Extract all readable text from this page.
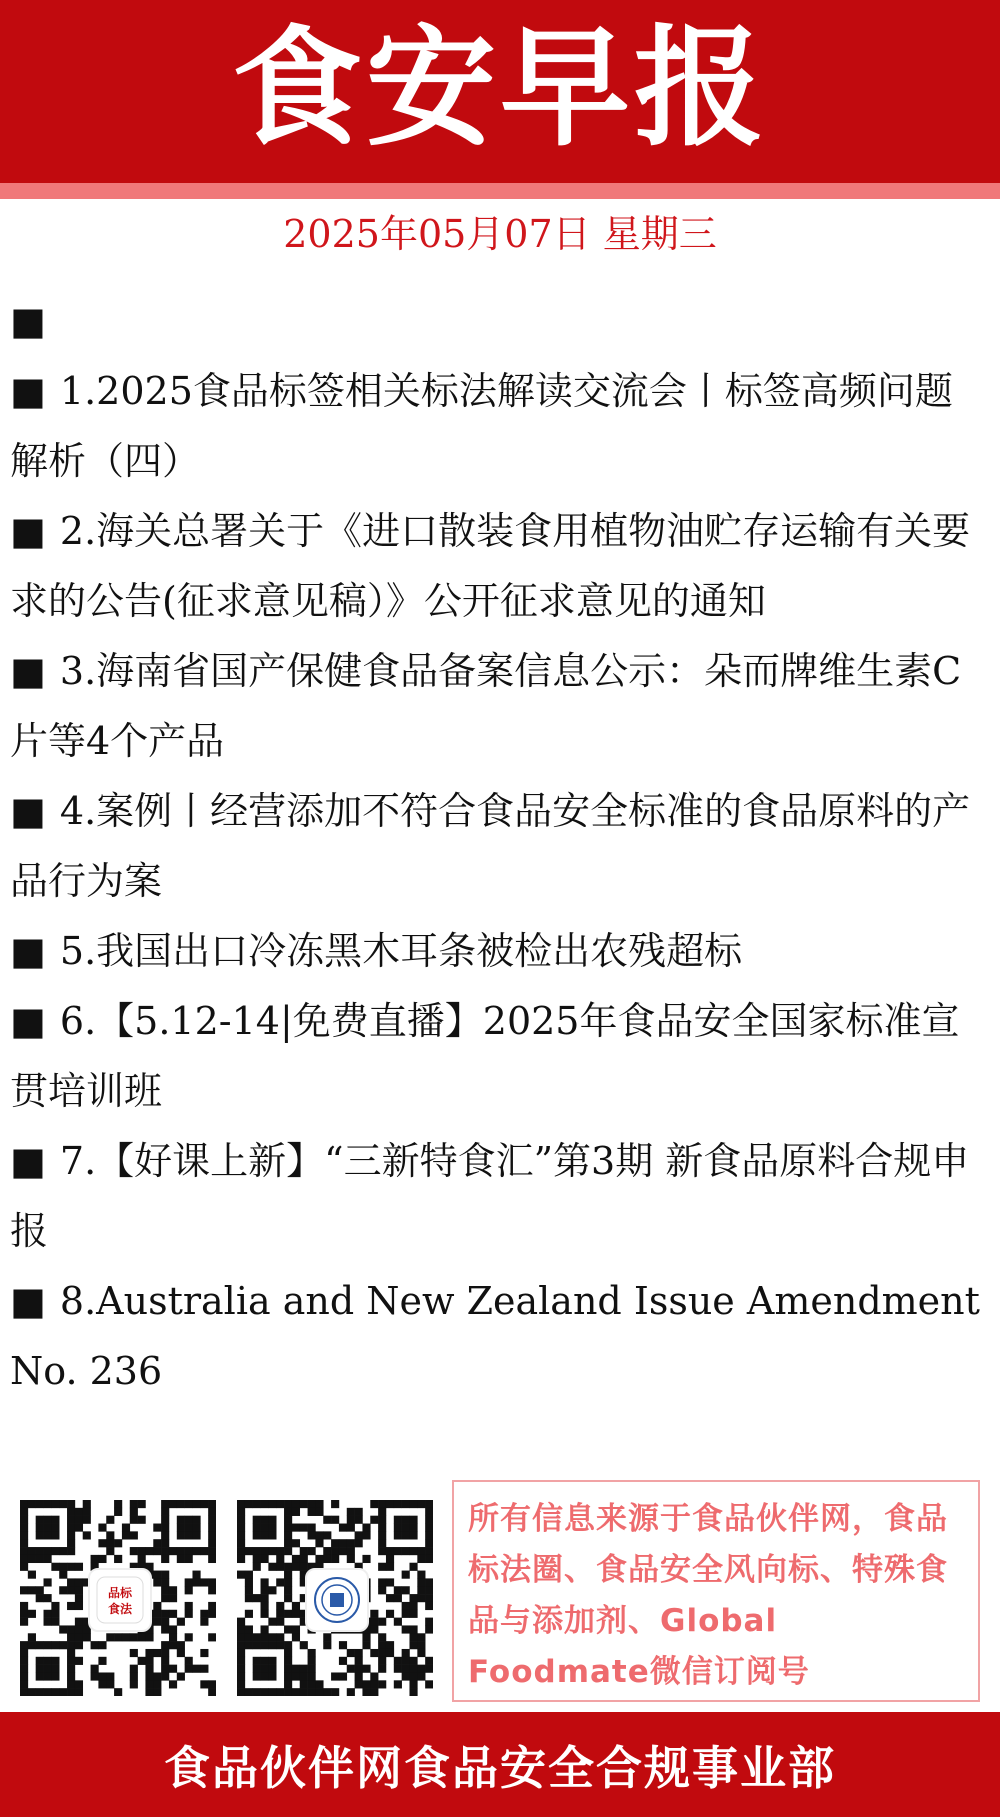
食安早报
2025年05月07日 星期三
■
■ 1.2025食品标签相关标法解读交流会丨标签高频问题解析（四）
■ 2.海关总署关于《进口散装食用植物油贮存运输有关要求的公告(征求意见稿）》公开征求意见的通知
■ 3.海南省国产保健食品备案信息公示：朵而牌维生素C片等4个产品
■ 4.案例丨经营添加不符合食品安全标准的食品原料的产品行为案
■ 5.我国出口冷冻黑木耳条被检出农残超标
■ 6.【5.12-14|免费直播】2025年食品安全国家标准宣贯培训班
■ 7.【好课上新】“三新特食汇”第3期 新食品原料合规申报
■ 8.Australia and New Zealand Issue Amendment No. 236
品标
食法
所有信息来源于食品伙伴网，食品标法圈、食品安全风向标、特殊食品与添加剂、Global Foodmate微信订阅号
食品伙伴网食品安全合规事业部
